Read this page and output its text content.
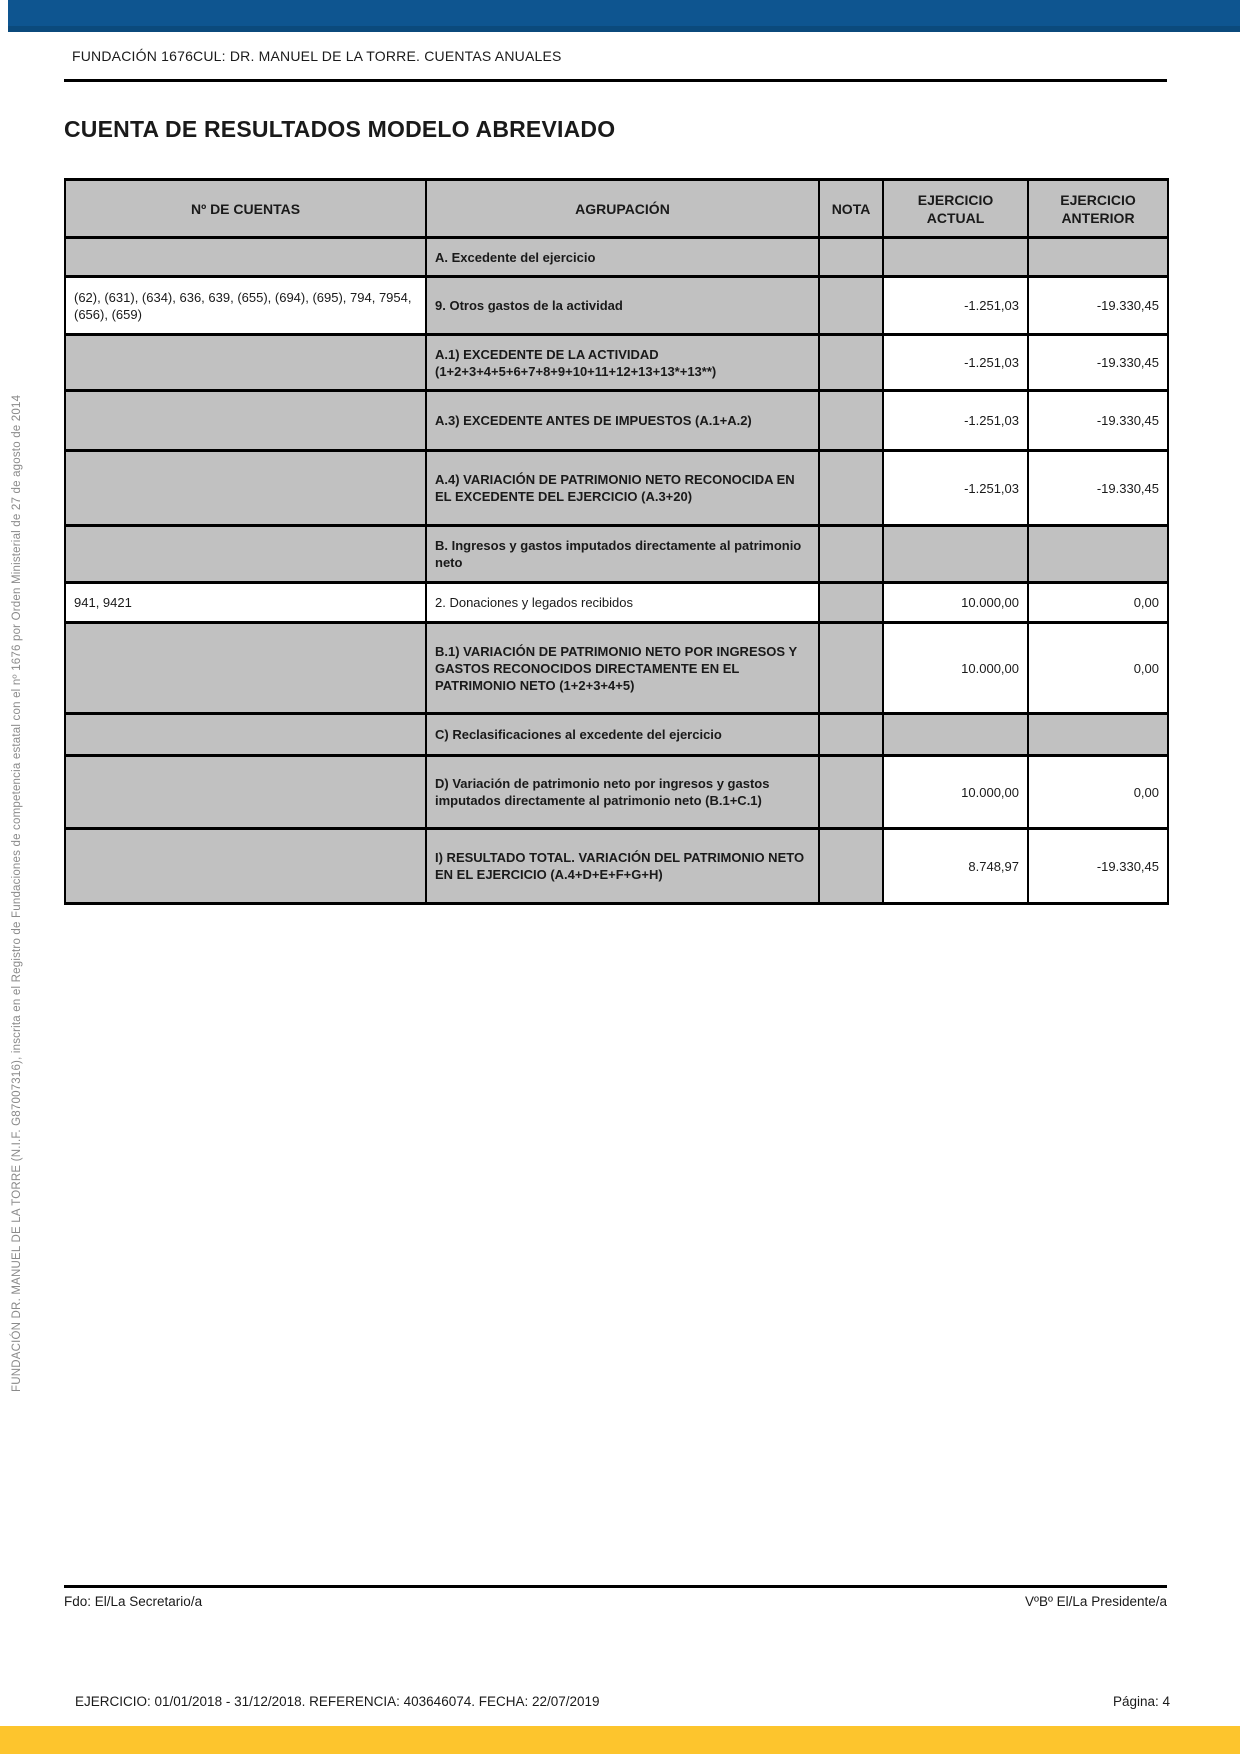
FUNDACIÓN 1676CUL: DR. MANUEL DE LA TORRE. CUENTAS ANUALES
CUENTA DE RESULTADOS MODELO ABREVIADO
Nº DE CUENTAS	AGRUPACIÓN	NOTA	EJERCICIO ACTUAL	EJERCICIO ANTERIOR
	A. Excedente del ejercicio			
(62), (631), (634), 636, 639, (655), (694), (695), 794, 7954, (656), (659)	9. Otros gastos de la actividad		-1.251,03	-19.330,45
	A.1) EXCEDENTE DE LA ACTIVIDAD (1+2+3+4+5+6+7+8+9+10+11+12+13+13*+13**)		-1.251,03	-19.330,45
	A.3) EXCEDENTE ANTES DE IMPUESTOS (A.1+A.2)		-1.251,03	-19.330,45
	A.4) VARIACIÓN DE PATRIMONIO NETO RECONOCIDA EN EL EXCEDENTE DEL EJERCICIO (A.3+20)		-1.251,03	-19.330,45
	B. Ingresos y gastos imputados directamente al patrimonio neto			
941, 9421	2. Donaciones y legados recibidos		10.000,00	0,00
	B.1) VARIACIÓN DE PATRIMONIO NETO POR INGRESOS Y GASTOS RECONOCIDOS DIRECTAMENTE EN EL PATRIMONIO NETO (1+2+3+4+5)		10.000,00	0,00
	C) Reclasificaciones al excedente del ejercicio			
	D) Variación de patrimonio neto por ingresos y gastos imputados directamente al patrimonio neto (B.1+C.1)		10.000,00	0,00
	I) RESULTADO TOTAL. VARIACIÓN DEL PATRIMONIO NETO EN EL EJERCICIO (A.4+D+E+F+G+H)		8.748,97	-19.330,45
FUNDACIÓN DR. MANUEL DE LA TORRE (N.I.F. G87007316), inscrita en el Registro de Fundaciones de competencia estatal con el nº 1676 por Orden Ministerial de 27 de agosto de 2014
Fdo: El/La Secretario/a	VºBº El/La Presidente/a
EJERCICIO: 01/01/2018 - 31/12/2018. REFERENCIA: 403646074. FECHA: 22/07/2019	Página: 4
